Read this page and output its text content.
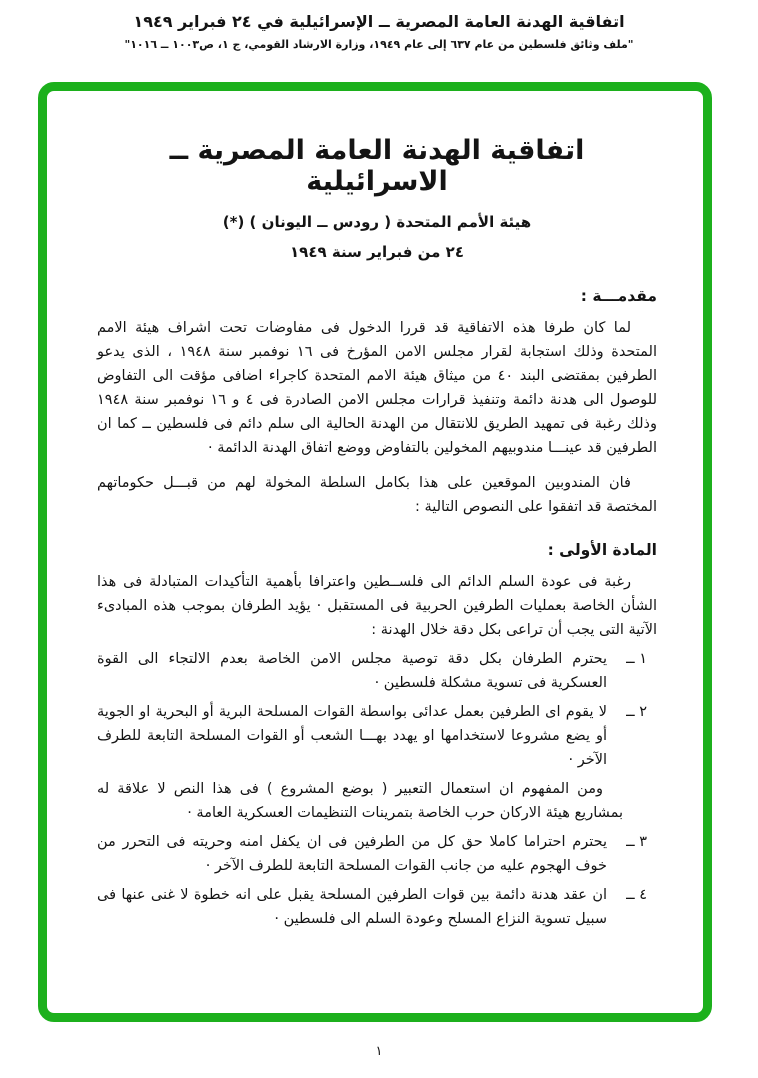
اتفاقية الهدنة العامة المصرية ــ الإسرائيلية في ٢٤ فبراير ١٩٤٩
"ملف وثائق فلسطين من عام ٦٣٧ إلى عام ١٩٤٩، وزارة الارشاد القومي، ج ١، ص١٠٠٣ ــ ١٠١٦"
اتفاقية الهدنة العامة المصرية ــ الاسرائيلية
هيئة الأمم المتحدة ( رودس ــ اليونان ) (*)
٢٤ من فبراير سنة ١٩٤٩
مقدمـــة :
لما كان طرفا هذه الاتفاقية قد قررا الدخول فى مفاوضات تحت اشراف هيئة الامم المتحدة وذلك استجابة لقرار مجلس الامن المؤرخ فى ١٦ نوفمبر سنة ١٩٤٨ ، الذى يدعو الطرفين بمقتضى البند ٤٠ من ميثاق هيئة الامم المتحدة كاجراء اضافى مؤقت الى التفاوض للوصول الى هدنة دائمة وتنفيذ قرارات مجلس الامن الصادرة فى ٤ و ١٦ نوفمبر سنة ١٩٤٨ وذلك رغبة فى تمهيد الطريق للانتقال من الهدنة الحالية الى سلم دائم فى فلسطين ــ كما ان الطرفين قد عينـــا مندوبيهم المخولين بالتفاوض ووضع اتفاق الهدنة الدائمة ·
فان المندوبين الموقعين على هذا بكامل السلطة المخولة لهم من قبـــل حكوماتهم المختصة قد اتفقوا على النصوص التالية :
المادة الأولى :
رغبة فى عودة السلم الدائم الى فلســطين واعترافا بأهمية التأكيدات المتبادلة فى هذا الشأن الخاصة بعمليات الطرفين الحربية فى المستقبل · يؤيد الطرفان بموجب هذه المبادىء الآتية التى يجب أن تراعى بكل دقة خلال الهدنة :
١ ــ
يحترم الطرفان بكل دقة توصية مجلس الامن الخاصة بعدم الالتجاء الى القوة العسكرية فى تسوية مشكلة فلسطين ·
٢ ــ
لا يقوم اى الطرفين بعمل عدائى بواسطة القوات المسلحة البرية أو البحرية او الجوية أو يضع مشروعا لاستخدامها او يهدد بهـــا الشعب أو القوات المسلحة التابعة للطرف الآخر ·
ومن المفهوم ان استعمال التعبير ( بوضع المشروع ) فى هذا النص لا علاقة له بمشاريع هيئة الاركان حرب الخاصة بتمرينات التنظيمات العسكرية العامة ·
٣ ــ
يحترم احتراما كاملا حق كل من الطرفين فى ان يكفل امنه وحريته فى التحرر من خوف الهجوم عليه من جانب القوات المسلحة التابعة للطرف الآخر ·
٤ ــ
ان عقد هدنة دائمة بين قوات الطرفين المسلحة يقبل على انه خطوة لا غنى عنها فى سبيل تسوية النزاع المسلح وعودة السلم الى فلسطين ·
١
